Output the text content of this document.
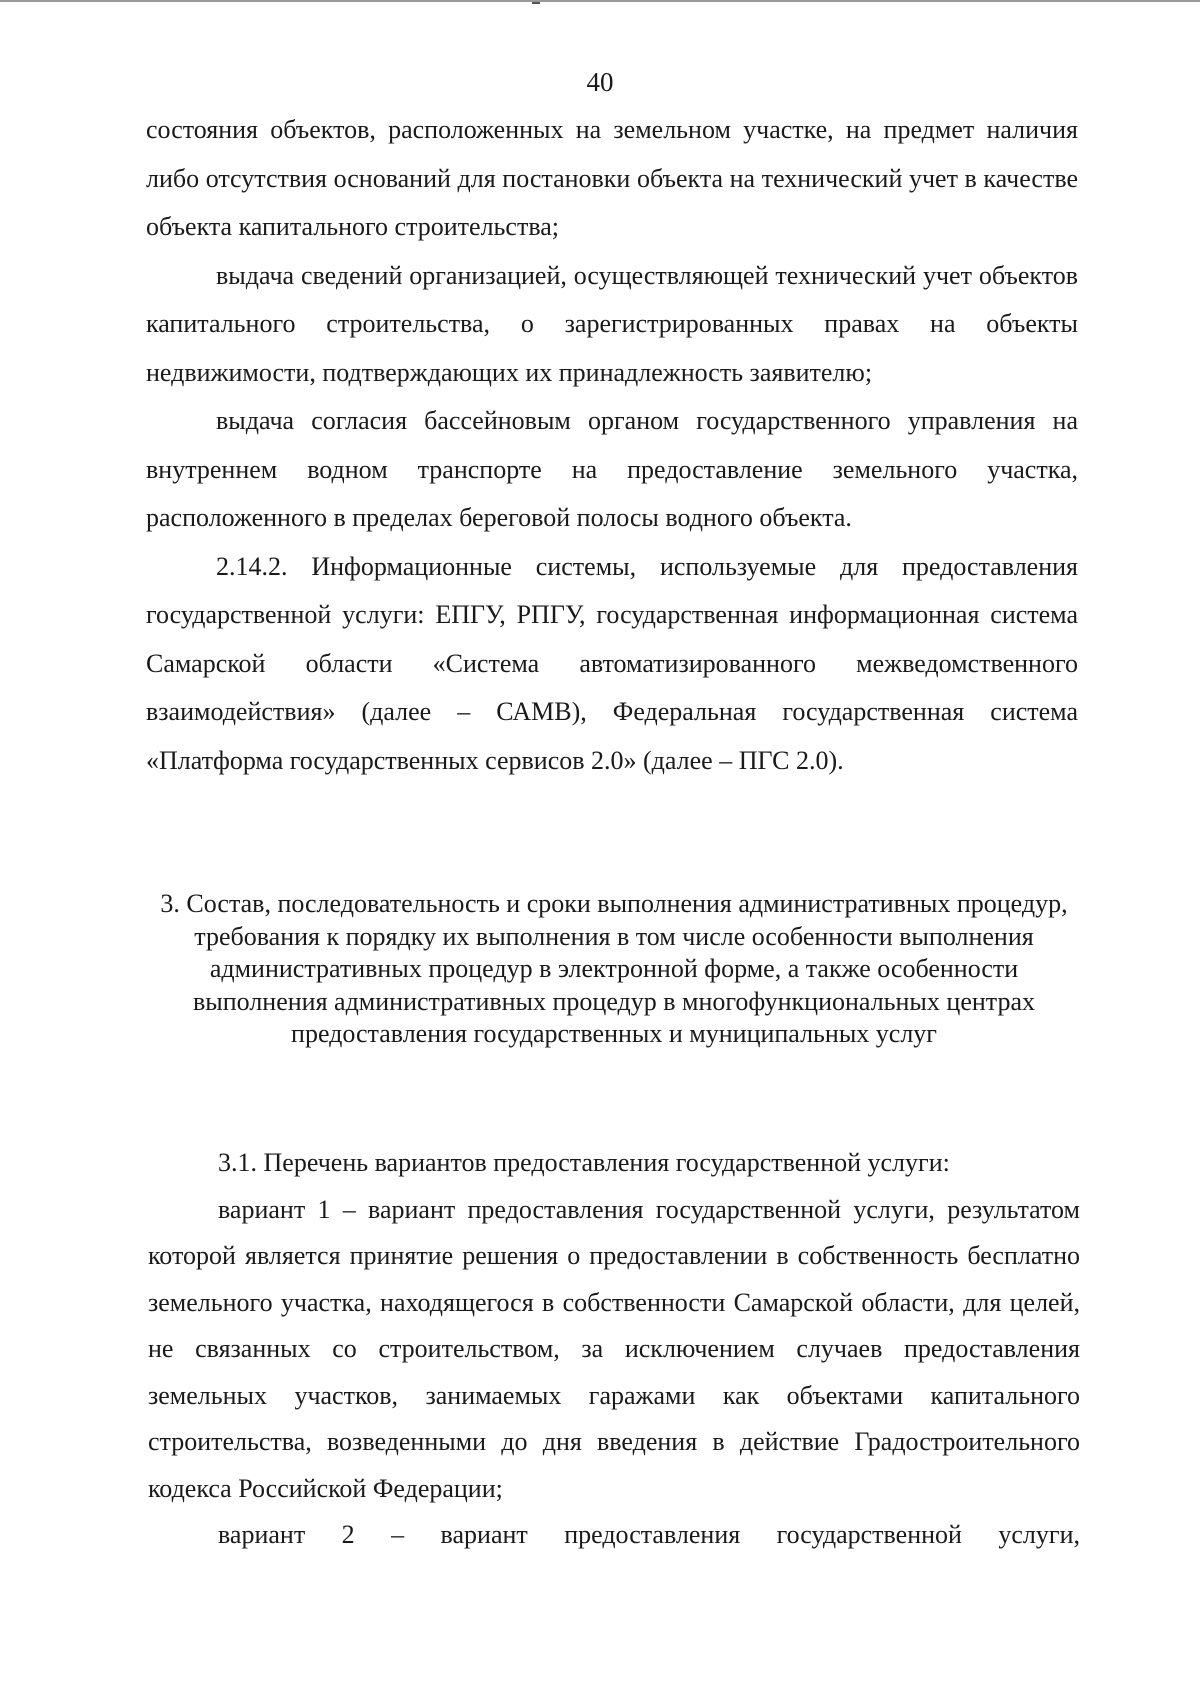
40

состояния объектов, расположенных на земельном участке, на предмет наличия либо отсутствия оснований для постановки объекта на технический учет в качестве объекта капитального строительства;

выдача сведений организацией, осуществляющей технический учет объектов капитального строительства, о зарегистрированных правах на объекты недвижимости, подтверждающих их принадлежность заявителю;

выдача согласия бассейновым органом государственного управления на внутреннем водном транспорте на предоставление земельного участка, расположенного в пределах береговой полосы водного объекта.

2.14.2. Информационные системы, используемые для предоставления государственной услуги: ЕПГУ, РПГУ, государственная информационная система Самарской области «Система автоматизированного межведомственного взаимодействия» (далее – САМВ), Федеральная государственная система «Платформа государственных сервисов 2.0» (далее – ПГС 2.0).

3. Состав, последовательность и сроки выполнения административных процедур, требования к порядку их выполнения в том числе особенности выполнения административных процедур в электронной форме, а также особенности выполнения административных процедур в многофункциональных центрах предоставления государственных и муниципальных услуг

3.1. Перечень вариантов предоставления государственной услуги:

вариант 1 – вариант предоставления государственной услуги, результатом которой является принятие решения о предоставлении в собственность бесплатно земельного участка, находящегося в собственности Самарской области, для целей, не связанных со строительством, за исключением случаев предоставления земельных участков, занимаемых гаражами как объектами капитального строительства, возведенными до дня введения в действие Градостроительного кодекса Российской Федерации;

вариант 2 – вариант предоставления государственной услуги,
